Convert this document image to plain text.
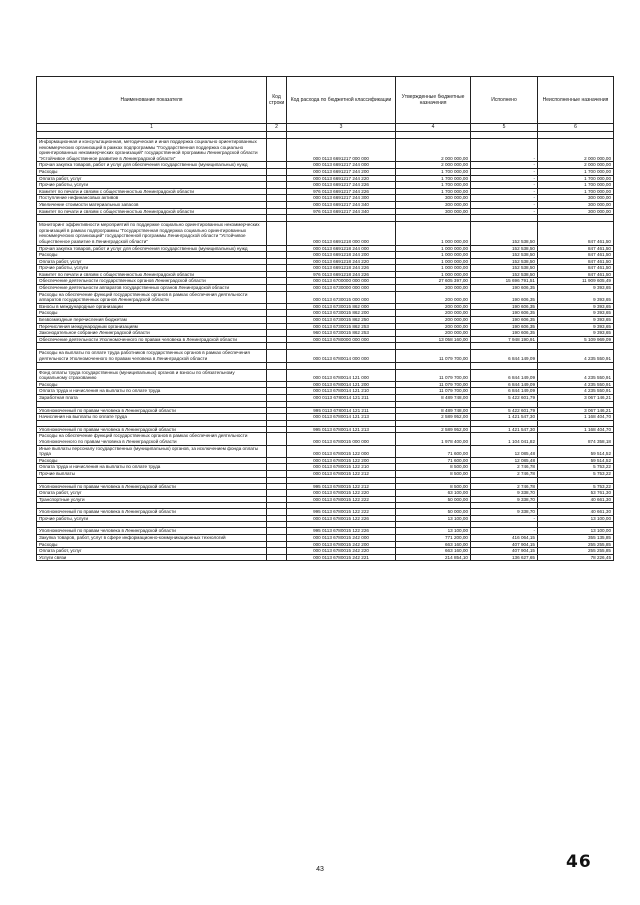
Наименование показателя	Код строки	Код расхода по бюджетной классификации	Утвержденные бюджетные назначения	Исполнено	Неисполненные назначения
1	2	3	4	5	6

Информационная и консультационная, методическая и иная поддержка социально ориентированных некоммерческих организаций в рамках подпрограммы "Государственная поддержка социально ориентированных некоммерческих организаций" государственной программы Ленинградской области "Устойчивое общественное развитие в Ленинградской области"		000 0113 6691217 000 000	2 000 000,00	-	2 000 000,00
Прочая закупка товаров, работ и услуг для обеспечения государственных (муниципальных) нужд		000 0113 6691217 244 000	2 000 000,00	-	2 000 000,00
Расходы		000 0113 6691217 244 200	1 700 000,00	-	1 700 000,00
Оплата работ, услуг		000 0113 6691217 244 220	1 700 000,00	-	1 700 000,00
Прочие работы, услуги		000 0113 6691217 244 226	1 700 000,00	-	1 700 000,00
Комитет по печати и связям с общественностью Ленинградской области		976 0113 6691217 244 226	1 700 000,00	-	1 700 000,00
Поступление нефинансовых активов		000 0113 6691217 244 300	300 000,00	-	300 000,00
Увеличение стоимости материальных запасов		000 0113 6691217 244 340	300 000,00	-	300 000,00
Комитет по печати и связям с общественностью Ленинградской области		976 0113 6691217 244 340	300 000,00	-	300 000,00

Мониторинг эффективности мероприятий по поддержке социально ориентированных некоммерческих организаций в рамках подпрограммы "Государственная поддержка социально ориентированных некоммерческих организаций" государственной программы Ленинградской области "Устойчивое общественное развитие в Ленинградской области"		000 0113 6691218 000 000	1 000 000,00	152 538,50	847 461,50
Прочая закупка товаров, работ и услуг для обеспечения государственных (муниципальных) нужд		000 0113 6691218 244 000	1 000 000,00	152 538,50	847 461,50
Расходы		000 0113 6691218 244 200	1 000 000,00	152 538,50	847 461,50
Оплата работ, услуг		000 0113 6691218 244 220	1 000 000,00	152 538,50	847 461,50
Прочие работы, услуги		000 0113 6691218 244 226	1 000 000,00	152 538,50	847 461,50
Комитет по печати и связям с общественностью Ленинградской области		976 0113 6691218 244 226	1 000 000,00	152 538,50	847 461,50
Обеспечение деятельности государственных органов Ленинградской области		000 0113 6700000 000 000	27 605 397,00	15 696 791,51	11 909 605,49
Обеспечение деятельности аппаратов государственных органов Ленинградской области		000 0113 6730000 000 000	200 000,00	190 606,35	9 393,65
Расходы на обеспечение функций государственных органов в рамках обеспечения деятельности аппаратов государственных органов Ленинградской области		000 0113 6730015 000 000	200 000,00	190 606,35	9 393,65
Взносы в международные организации		000 0113 6730015 862 000	200 000,00	190 606,35	9 393,65
Расходы		000 0113 6730015 862 200	200 000,00	190 606,35	9 393,65
Безвозмездные перечисления бюджетам		000 0113 6730015 862 250	200 000,00	190 606,35	9 393,65
Перечисления международным организациям		000 0113 6730015 862 253	200 000,00	190 606,35	9 393,65
Законодательное собрание Ленинградской области		960 0113 6730015 862 253	200 000,00	190 606,35	9 393,65
Обеспечение деятельности Уполномоченного по правам человека в Ленинградской области		000 0113 6780000 000 000	13 058 160,00	7 948 190,91	5 109 969,09

Расходы на выплаты по оплате труда работников государственных органов в рамках обеспечения деятельности Уполномоченного по правам человека в Ленинградской области		000 0113 6780014 000 000	11 079 700,00	6 844 149,09	4 235 550,91

Фонд оплаты труда государственных (муниципальных) органов и взносы по обязательному социальному страхованию		000 0113 6780014 121 000	11 079 700,00	6 844 149,09	4 235 550,91
Расходы		000 0113 6780014 121 200	11 079 700,00	6 844 149,09	4 235 550,91
Оплата труда и начисления на выплаты по оплате труда		000 0113 6780014 121 210	11 079 700,00	6 844 149,09	4 235 550,91
Заработная плата		000 0113 6780014 121 211	8 489 748,00	5 422 601,79	3 067 146,21

Уполномоченный по правам человека в Ленинградской области		995 0113 6780014 121 211	8 489 748,00	5 422 601,79	3 067 146,21
Начисления на выплаты по оплате труда		000 0113 6780014 121 213	2 589 952,00	1 421 547,30	1 168 404,70

Уполномоченный по правам человека в Ленинградской области		995 0113 6780014 121 213	2 589 952,00	1 421 547,30	1 168 404,70
Расходы на обеспечение функций государственных органов в рамках обеспечения деятельности Уполномоченного по правам человека в Ленинградской области		000 0113 6780015 000 000	1 978 400,00	1 104 041,82	874 358,18
Иные выплаты персоналу государственных (муниципальных) органов, за исключением фонда оплаты труда		000 0113 6780015 122 000	71 600,00	12 085,48	59 514,52
Расходы		000 0113 6780015 122 200	71 600,00	12 085,48	59 514,52
Оплата труда и начисления на выплаты по оплате труда		000 0113 6780015 122 210	8 500,00	2 746,78	5 753,22
Прочие выплаты		000 0113 6780015 122 212	8 500,00	2 746,78	5 753,22

Уполномоченный по правам человека в Ленинградской области		995 0113 6780015 122 212	8 500,00	2 746,78	5 753,22
Оплата работ, услуг		000 0113 6780015 122 220	63 100,00	9 338,70	53 761,30
Транспортные услуги		000 0113 6780015 122 222	50 000,00	9 338,70	40 661,30

Уполномоченный по правам человека в Ленинградской области		995 0113 6780015 122 222	50 000,00	9 338,70	40 661,30
Прочие работы, услуги		000 0113 6780015 122 226	13 100,00	-	13 100,00

Уполномоченный по правам человека в Ленинградской области		995 0113 6780015 122 226	13 100,00	-	13 100,00
Закупка товаров, работ, услуг в сфере информационно-коммуникационных технологий		000 0113 6780015 242 000	771 200,00	416 064,15	355 135,85
Расходы		000 0113 6780015 242 200	663 160,00	407 904,15	255 255,85
Оплата работ, услуг		000 0113 6780015 242 220	663 160,00	407 904,15	255 255,85
Услуги связи		000 0113 6780015 242 221	214 854,10	136 627,65	78 226,45
43	46
